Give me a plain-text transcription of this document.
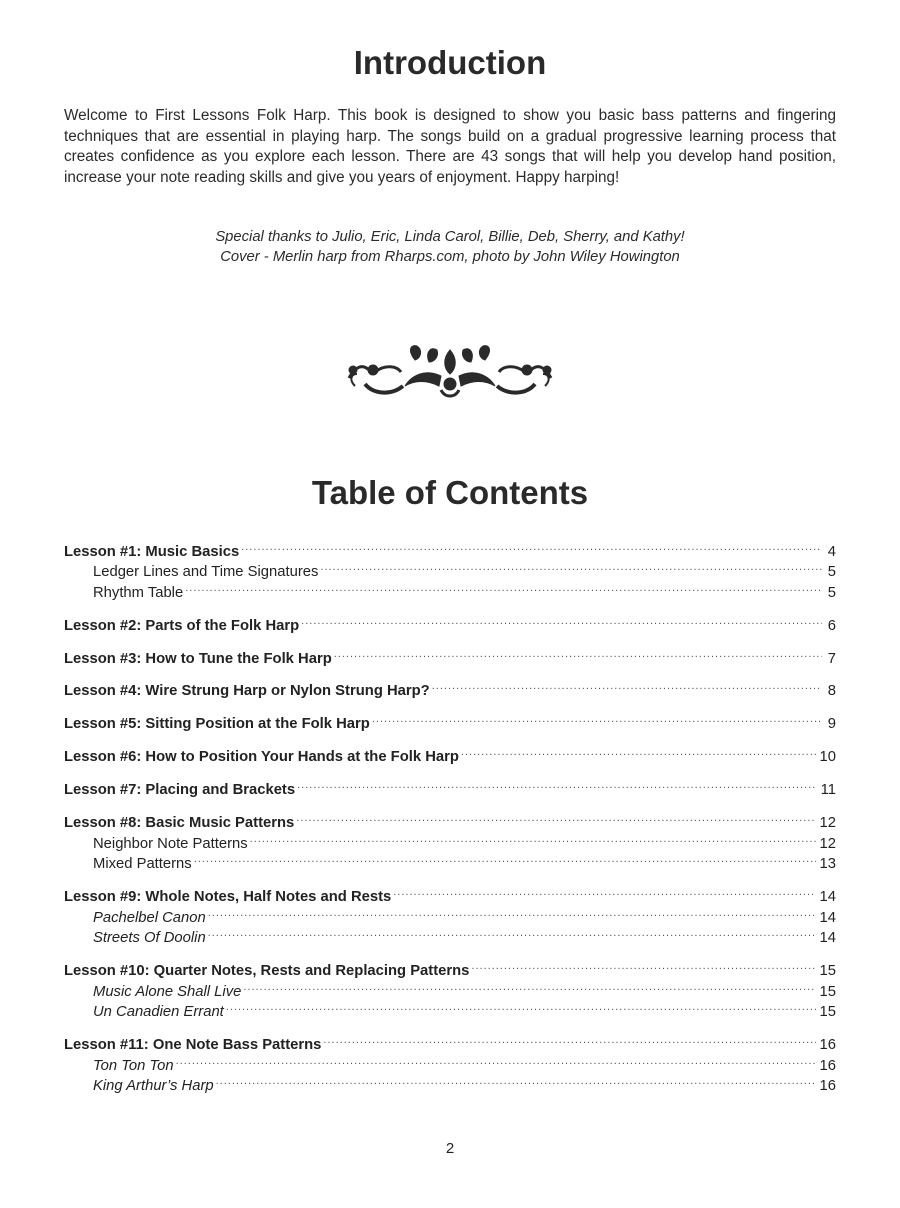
Introduction
Welcome to First Lessons Folk Harp. This book is designed to show you basic bass patterns and fingering techniques that are essential in playing harp. The songs build on a gradual progressive learning process that creates confidence as you explore each lesson. There are 43 songs that will help you develop hand position, increase your note reading skills and give you years of enjoyment. Happy harping!
Special thanks to Julio, Eric, Linda Carol, Billie, Deb, Sherry, and Kathy!
Cover - Merlin harp from Rharps.com, photo by John Wiley Howington
Table of Contents
Lesson #1: Music Basics .....	4
Ledger Lines and Time Signatures .....	5
Rhythm Table .....	5
Lesson #2: Parts of the Folk Harp .....	6
Lesson #3: How to Tune the Folk Harp .....	7
Lesson #4: Wire Strung Harp or Nylon Strung Harp? .....	8
Lesson #5: Sitting Position at the Folk Harp .....	9
Lesson #6: How to Position Your Hands at the Folk Harp .....	10
Lesson #7: Placing and Brackets .....	11
Lesson #8: Basic Music Patterns .....	12
Neighbor Note Patterns .....	12
Mixed Patterns .....	13
Lesson #9: Whole Notes, Half Notes and Rests .....	14
Pachelbel Canon .....	14
Streets Of Doolin .....	14
Lesson #10: Quarter Notes, Rests and Replacing Patterns .....	15
Music Alone Shall Live .....	15
Un Canadien Errant .....	15
Lesson #11: One Note Bass Patterns .....	16
Ton Ton Ton .....	16
King Arthur’s Harp .....	16
2
